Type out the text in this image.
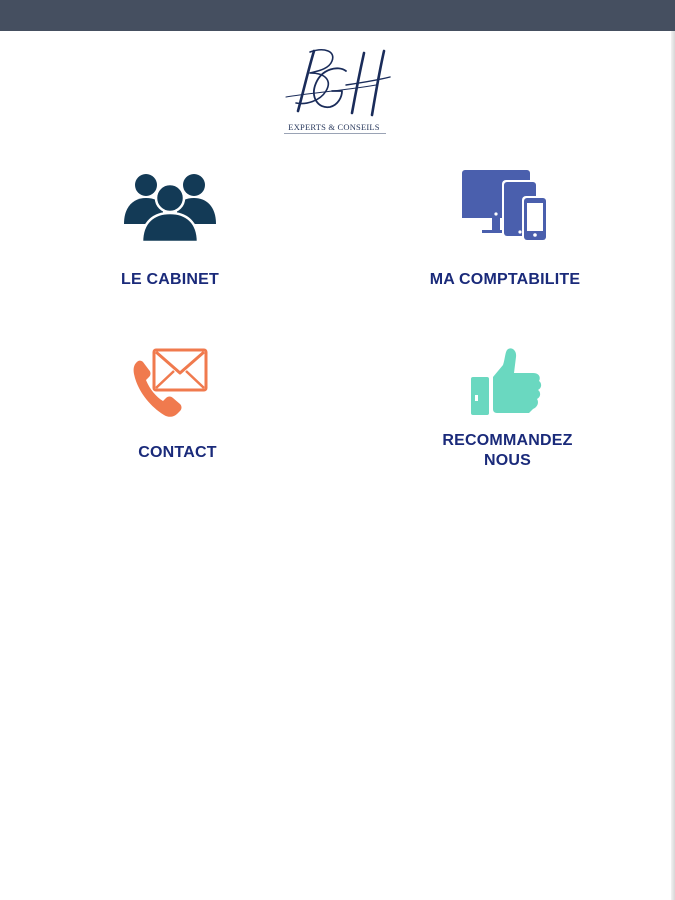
EXPERTS & CONSEILS
LE CABINET	MA COMPTABILITE
CONTACT
RECOMMANDEZ
NOUS
